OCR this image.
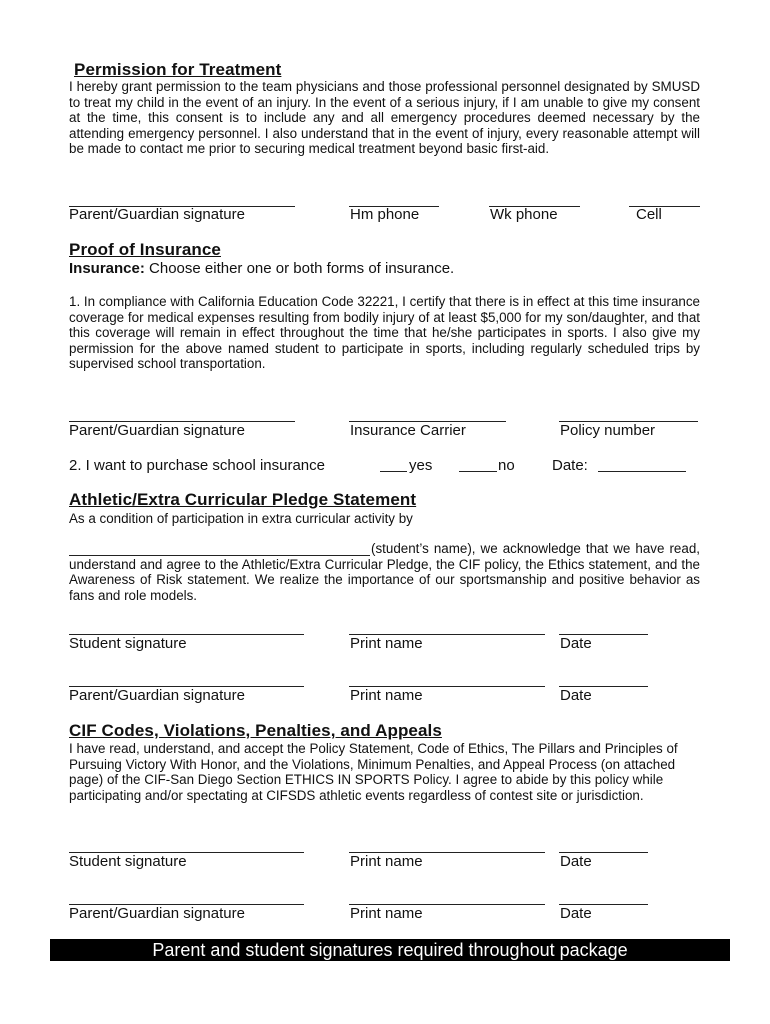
Permission for Treatment
I hereby grant permission to the team physicians and those professional personnel designated by SMUSD to treat my child in the event of an injury. In the event of a serious injury, if I am unable to give my consent at the time, this consent is to include any and all emergency procedures deemed necessary by the attending emergency personnel. I also understand that in the event of injury, every reasonable attempt will be made to contact me prior to securing medical treatment beyond basic first-aid.
Parent/Guardian signature	Hm phone	Wk phone	Cell
Proof of Insurance
Insurance: Choose either one or both forms of insurance.
1. In compliance with California Education Code 32221, I certify that there is in effect at this time insurance coverage for medical expenses resulting from bodily injury of at least $5,000 for my son/daughter, and that this coverage will remain in effect throughout the time that he/she participates in sports. I also give my permission for the above named student to participate in sports, including regularly scheduled trips by supervised school transportation.
Parent/Guardian signature	Insurance Carrier	Policy number
2. I want to purchase school insurance	yes	no Date:
Athletic/Extra Curricular Pledge Statement
As a condition of participation in extra curricular activity by
(student’s name), we acknowledge that we have read, understand and agree to the Athletic/Extra Curricular Pledge, the CIF policy, the Ethics statement, and the Awareness of Risk statement. We realize the importance of our sportsmanship and positive behavior as fans and role models.
Student signature	Print name	Date
Parent/Guardian signature	Print name	Date
CIF Codes, Violations, Penalties, and Appeals
I have read, understand, and accept the Policy Statement, Code of Ethics, The Pillars and Principles of Pursuing Victory With Honor, and the Violations, Minimum Penalties, and Appeal Process (on attached page) of the CIF-San Diego Section ETHICS IN SPORTS Policy. I agree to abide by this policy while participating and/or spectating at CIFSDS athletic events regardless of contest site or jurisdiction.
Student signature	Print name	Date
Parent/Guardian signature	Print name	Date
Parent and student signatures required throughout package
